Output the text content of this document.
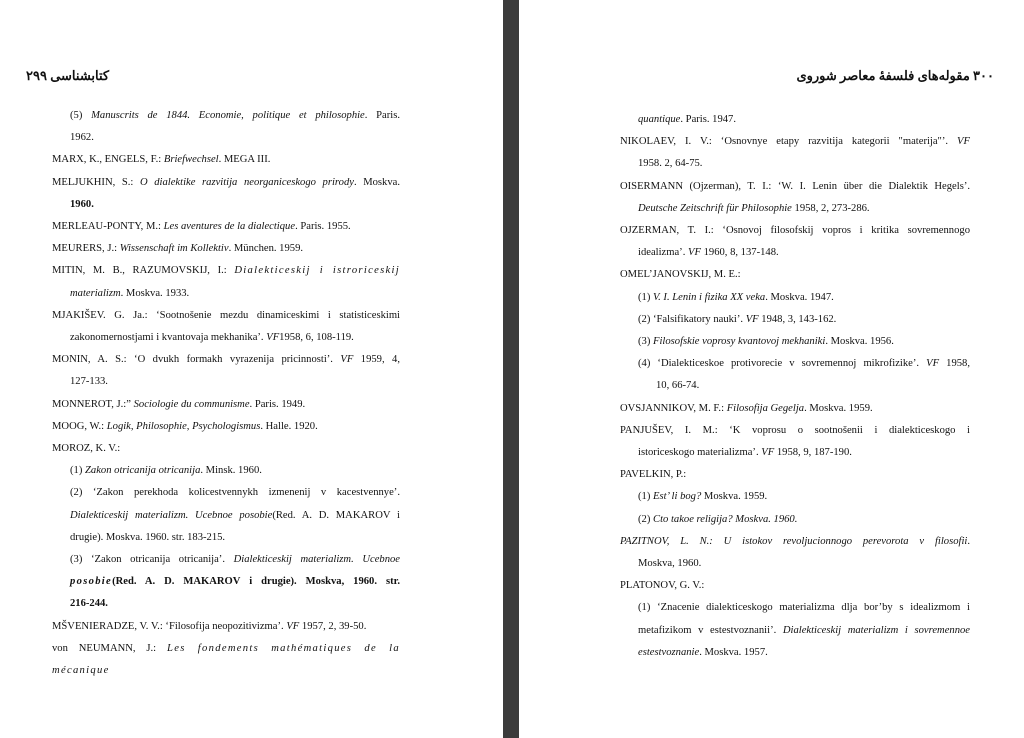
کتابشناسی ۲۹۹

(5) Manuscrits de 1844. Economie, politique et philosophie. Paris.

1962.

MARX, K., ENGELS, F.: Briefwechsel. MEGA III.

MELJUKHIN, S.: O dialektike razvitija neorganiceskogo prirody. Moskva.

1960.

MERLEAU-PONTY, M.: Les aventures de la dialectique. Paris. 1955.

MEURERS, J.: Wissenschaft im Kollektiv. München. 1959.

MITIN, M. B., RAZUMOVSKIJ, I.: Dialekticeskij i istroriceskij

materializm. Moskva. 1933.

MJAKIŠEV. G. Ja.: ‘Sootnošenie mezdu dinamiceskimi i statisticeskimi

zakonomernostjami i kvantovaja mekhanika’. VF1958, 6, 108-119.

MONIN, A. S.: ‘O dvukh formakh vyrazenija pricinnosti’. VF 1959, 4,

127-133.

MONNEROT, J.:” Sociologie du communisme. Paris. 1949.

MOOG, W.: Logik, Philosophie, Psychologismus. Halle. 1920.

MOROZ, K. V.:

(1) Zakon otricanija otricanija. Minsk. 1960.

(2) ‘Zakon perekhoda kolicestvennykh izmenenij v kacestvennye’.

Dialekticeskij materializm. Ucebnoe posobie(Red. A. D. MAKAROV i

drugie). Moskva. 1960. str. 183-215.

(3) ‘Zakon otricanija otricanija’. Dialekticeskij materializm. Ucebnoe

posobie(Red. A. D. MAKAROV i drugie). Moskva, 1960. str.

216-244.

MŠVENIERADZE, V. V.: ‘Filosofija neopozitivizma’. VF 1957, 2, 39-50.

von NEUMANN, J.: Les fondements mathématiques de la mécanique

۳۰۰ مقوله‌های فلسفهٔ معاصر شوروی

quantique. Paris. 1947.

NIKOLAEV, I. V.: ‘Osnovnye etapy razvitija kategorii "materija"’. VF

1958. 2, 64-75.

OISERMANN (Ojzerman), T. I.: ‘W. I. Lenin über die Dialektik Hegels’.

Deutsche Zeitschrift für Philosophie 1958, 2, 273-286.

OJZERMAN, T. I.: ‘Osnovoj filosofskij vopros i kritika sovremennogo

idealizma’. VF 1960, 8, 137-148.

OMEL’JANOVSKIJ, M. E.:

(1) V. I. Lenin i fizika XX veka. Moskva. 1947.

(2) ‘Falsifikatory nauki’. VF 1948, 3, 143-162.

(3) Filosofskie voprosy kvantovoj mekhaniki. Moskva. 1956.

(4) ‘Dialekticeskoe protivorecie v sovremennoj mikrofizike’. VF 1958,

10, 66-74.

OVSJANNIKOV, M. F.: Filosofija Gegelja. Moskva. 1959.

PANJUŠEV, I. M.: ‘K voprosu o sootnošenii i dialekticeskogo i

istoriceskogo materializma’. VF 1958, 9, 187-190.

PAVELKIN, P.:

(1) Est’ li bog? Moskva. 1959.

(2) Cto takoe religija? Moskva. 1960.

PAZITNOV, L. N.: U istokov revoljucionnogo perevorota v filosofii.

Moskva, 1960.

PLATONOV, G. V.:

(1) ‘Znacenie dialekticeskogo materializma dlja bor’by s idealizmom i

metafizikom v estestvoznanii’. Dialekticeskij materializm i sovremennoe

estestvoznanie. Moskva. 1957.
